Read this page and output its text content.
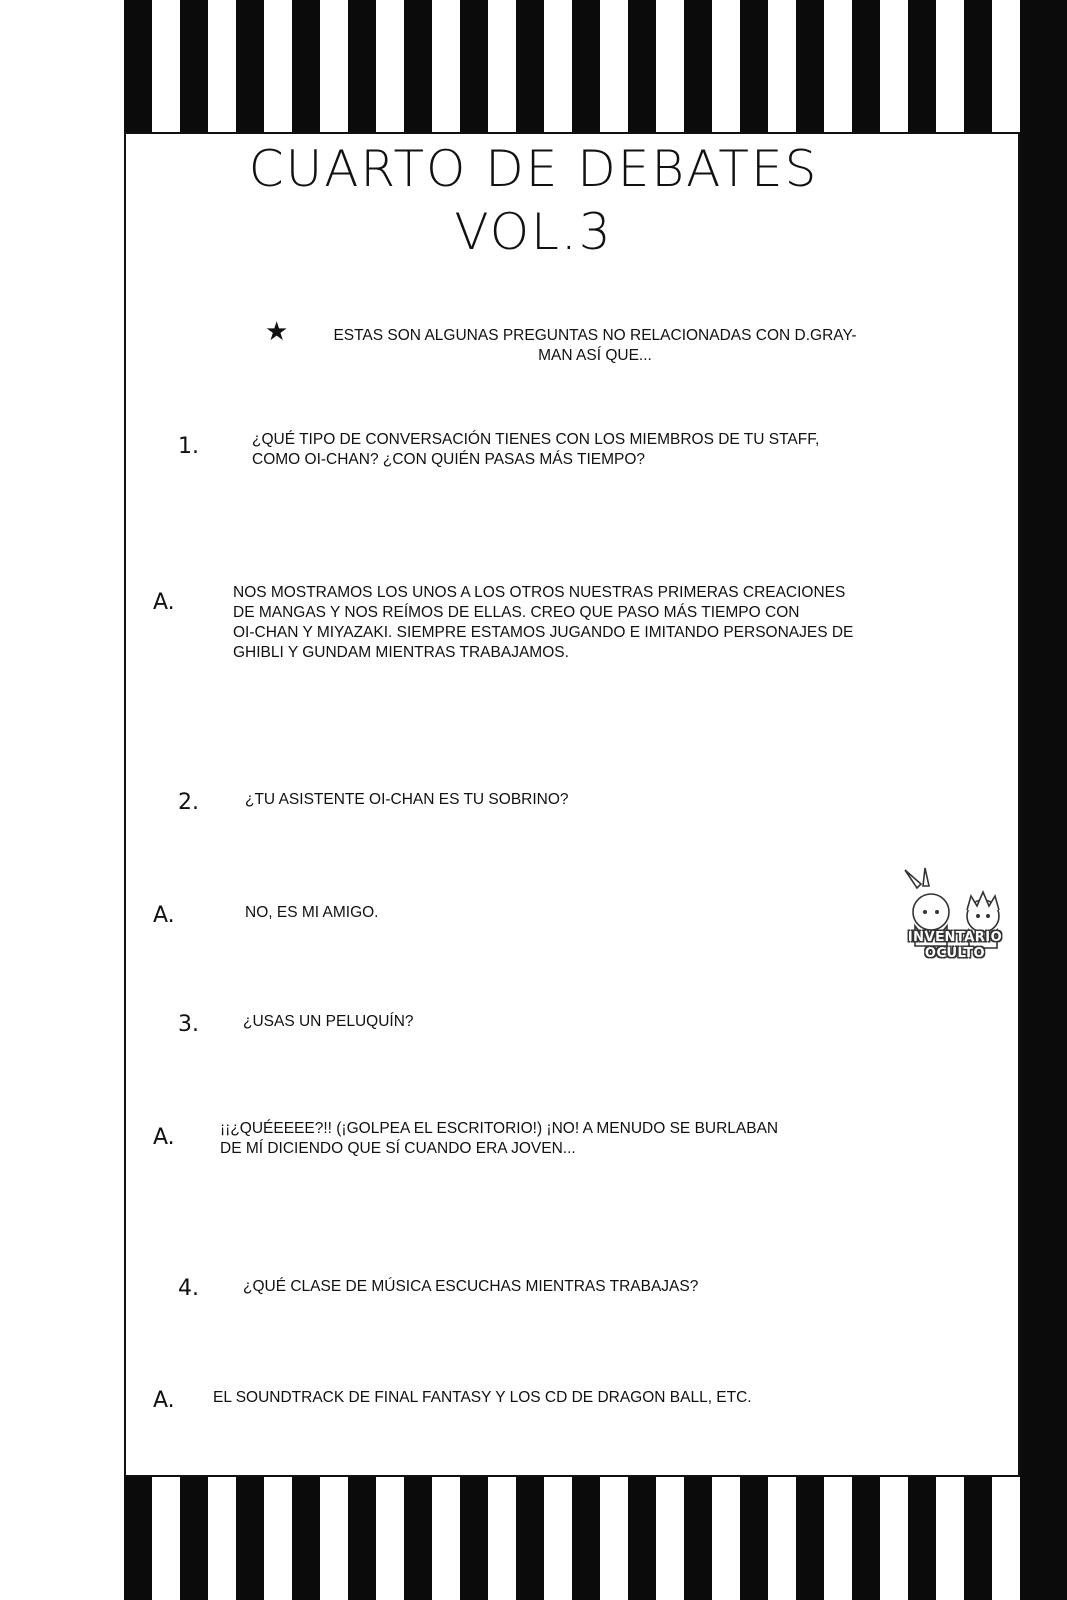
CUARTO DE DEBATES
VOL.3
★	ESTAS SON ALGUNAS PREGUNTAS NO RELACIONADAS CON D.GRAY-MAN ASÍ QUE...
1.	¿QUÉ TIPO DE CONVERSACIÓN TIENES CON LOS MIEMBROS DE TU STAFF,
COMO OI-CHAN? ¿CON QUIÉN PASAS MÁS TIEMPO?
A.	NOS MOSTRAMOS LOS UNOS A LOS OTROS NUESTRAS PRIMERAS CREACIONES
DE MANGAS Y NOS REÍMOS DE ELLAS. CREO QUE PASO MÁS TIEMPO CON
OI-CHAN Y MIYAZAKI. SIEMPRE ESTAMOS JUGANDO E IMITANDO PERSONAJES DE
GHIBLI Y GUNDAM MIENTRAS TRABAJAMOS.
2.	¿TU ASISTENTE OI-CHAN ES TU SOBRINO?
A.	NO, ES MI AMIGO.
3.	¿USAS UN PELUQUÍN?
A.	¡¡¿QUÉEEEE?!! (¡GOLPEA EL ESCRITORIO!) ¡NO! A MENUDO SE BURLABAN
DE MÍ DICIENDO QUE SÍ CUANDO ERA JOVEN...
4.	¿QUÉ CLASE DE MÚSICA ESCUCHAS MIENTRAS TRABAJAS?
A. EL SOUNDTRACK DE FINAL FANTASY Y LOS CD DE DRAGON BALL, ETC.
INVENTARIO
OCULTO
